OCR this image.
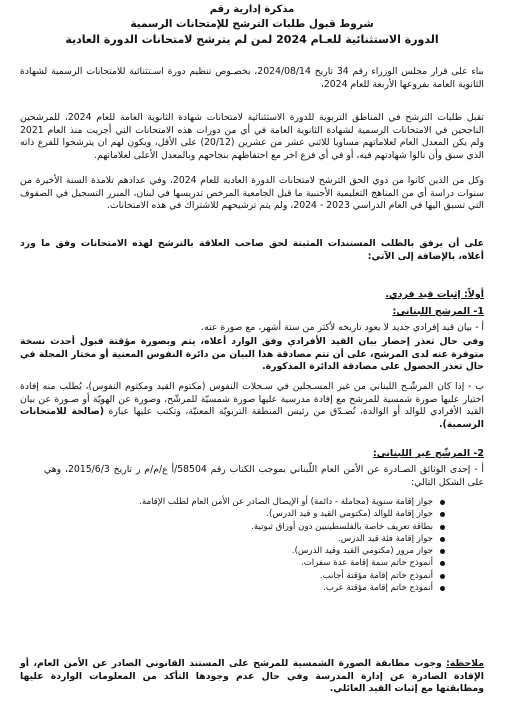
مذكرة إدارية رقم
شروط قبول طلبات الترشح للإمتحانات الرسمية
الدورة الاستثنائية للعـام 2024 لمن لم يترشح لامتحانات الدورة العادية

بناء على قرار مجلس الوزراء رقم 34 تاريخ 2024/08/14، بخصـوص تنظيم دورة اسـتثنائية للامتحانات الرسمية لشهادة الثانوية العامة بفروعها الأربعة للعام 2024،

تقبل طلبات الترشح في المناطق التربوية للدورة الاستثنائية لامتحانات شهادة الثانوية العامة للعام 2024، للمرشحين الناجحين في الامتحانات الرسمية لشهادة الثانوية العامة في أي من دورات هذه الامتحانات التي أجريت منذ العام 2021 ولم يكن المعدل العام لعلاماتهم مساويا للاثني عشر من عشرين (20/12) على الأقل، ويكون لهم ان يترشحوا للفرع ذاته الذي سبق وأن نالوا شهادتهم فيه، أو في أي فرع اخر مع احتفاظهم بنجاحهم وبالمعدل الأعلى لعلاماتهم.

وكل من الذين كانوا من ذوي الحق الترشح لامتحانات الدورة العادية للعام 2024، وفي عدادهم تلامذة السنة الأخيرة من سنوات دراسة أي من المناهج التعليمية الأجنبية ما قبل الجامعية المرخص تدريسها في لبنان، المبرر التسجيل في الصفوف التي تسبق اليها في العام الدراسي 2023 - 2024، ولم يتم ترشيحهم للاشتراك في هذه الامتحانات.

على أن يرفق بالطلب المستندات المثبتة لحق صاحب العلاقة بالترشح لهذه الامتحانات وفق ما ورد أعلاه، بالإضافة إلى الآتي:

أولاً: إثبات قيد فردي.
1- المرشح اللبناني:

أ - بيان قيد إفرادي جديد لا يعود تاريخه لأكثر من ستة أشهر، مع صورة عنه.

وفي حال تعذر إحضار بيان القيد الأفرادي وفق الوارد أعلاه، يتم وبصورة مؤقتة قبول أحدث نسخة متوفرة عنه لدى المرشح، على أن تتم مصادقة هذا البيان من دائرة النفوس المعنية أو مختار المحلة في حال تعذر الحصول على مصادقة الدائرة المذكورة.

ب - إذا كان المرشّـح اللبناني من غير المسـجلين في سـجلات النفوس (مكتوم القيد ومكتوم النفوس)، يُطلب منه إفادة اختيار عليها صورة شمسية للمرشح مع إفادة مدرسية عليها صورة شمسيّة للمرشّح، وصورة عن الهويّة أو صـورة عن بيان القيد الأفرادي للوالد أو الوالدة، تُصـدّق من رئيس المنطقة التربويّة المعنيّة، وتكتب عليها عبارة (صالحة للامتحانات الرسمية).

2- المرشّح غير اللبناني:

أ - إحدى الوثائق الصـادرة عن الأمن العام اللّبناني بموجب الكتاب رقم 58504/أ ع/م/م ر تاريخ 2015/6/3، وهي على الشكل التالي:

جواز إقامة سنوية (مجاملة - دائمة) أو الإيصال الصادر عن الأمن العام لطلب الإقامة.
جواز إقامة للوالد (مكتومي القيد و قيد الدرس).
بطاقة تعريف خاصة بالفلسطينيين دون أوراق ثبوتية.
جواز إقامة فئة قيد الدرس.
جواز مرور (مكتومي القيد وقيد الدرس).
أنموذج خاتم سمة إقامة عدة سفرات.
أنموذج خاتم إقامة مؤقتة أجانب.
أنموذج خاتم إقامة مؤقتة عرب.

ملاحظة: وجوب مطابقة الصورة الشمسية للمرشح على المستند القانوني الصادر عن الأمن العام، أو الإفادة الصادرة عن إدارة المدرسة وفي حال عدم وجودها التأكد من المعلومات الواردة عليها ومطابقتها مع إثبات القيد العائلي.
